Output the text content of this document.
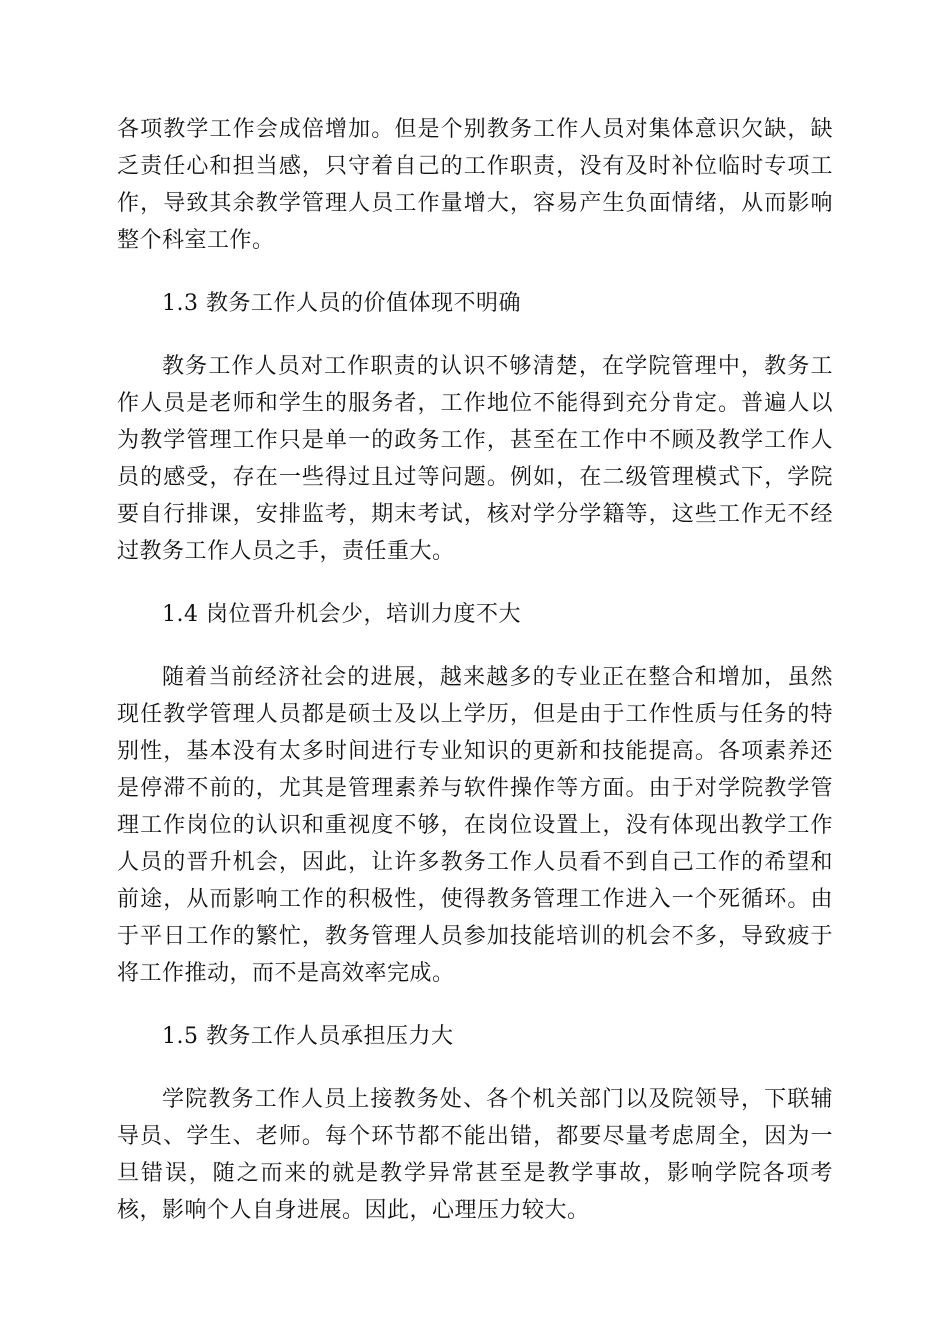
各项教学工作会成倍增加。但是个别教务工作人员对集体意识欠缺，缺乏责任心和担当感，只守着自己的工作职责，没有及时补位临时专项工作，导致其余教学管理人员工作量增大，容易产生负面情绪，从而影响整个科室工作。

1.3 教务工作人员的价值体现不明确

教务工作人员对工作职责的认识不够清楚，在学院管理中，教务工作人员是老师和学生的服务者，工作地位不能得到充分肯定。普遍人以为教学管理工作只是单一的政务工作，甚至在工作中不顾及教学工作人员的感受，存在一些得过且过等问题。例如，在二级管理模式下，学院要自行排课，安排监考，期末考试，核对学分学籍等，这些工作无不经过教务工作人员之手，责任重大。

1.4 岗位晋升机会少，培训力度不大

随着当前经济社会的进展，越来越多的专业正在整合和增加，虽然现任教学管理人员都是硕士及以上学历，但是由于工作性质与任务的特别性，基本没有太多时间进行专业知识的更新和技能提高。各项素养还是停滞不前的，尤其是管理素养与软件操作等方面。由于对学院教学管理工作岗位的认识和重视度不够，在岗位设置上，没有体现出教学工作人员的晋升机会，因此，让许多教务工作人员看不到自己工作的希望和前途，从而影响工作的积极性，使得教务管理工作进入一个死循环。由于平日工作的繁忙，教务管理人员参加技能培训的机会不多，导致疲于将工作推动，而不是高效率完成。

1.5 教务工作人员承担压力大

学院教务工作人员上接教务处、各个机关部门以及院领导，下联辅导员、学生、老师。每个环节都不能出错，都要尽量考虑周全，因为一旦错误，随之而来的就是教学异常甚至是教学事故，影响学院各项考核，影响个人自身进展。因此，心理压力较大。
